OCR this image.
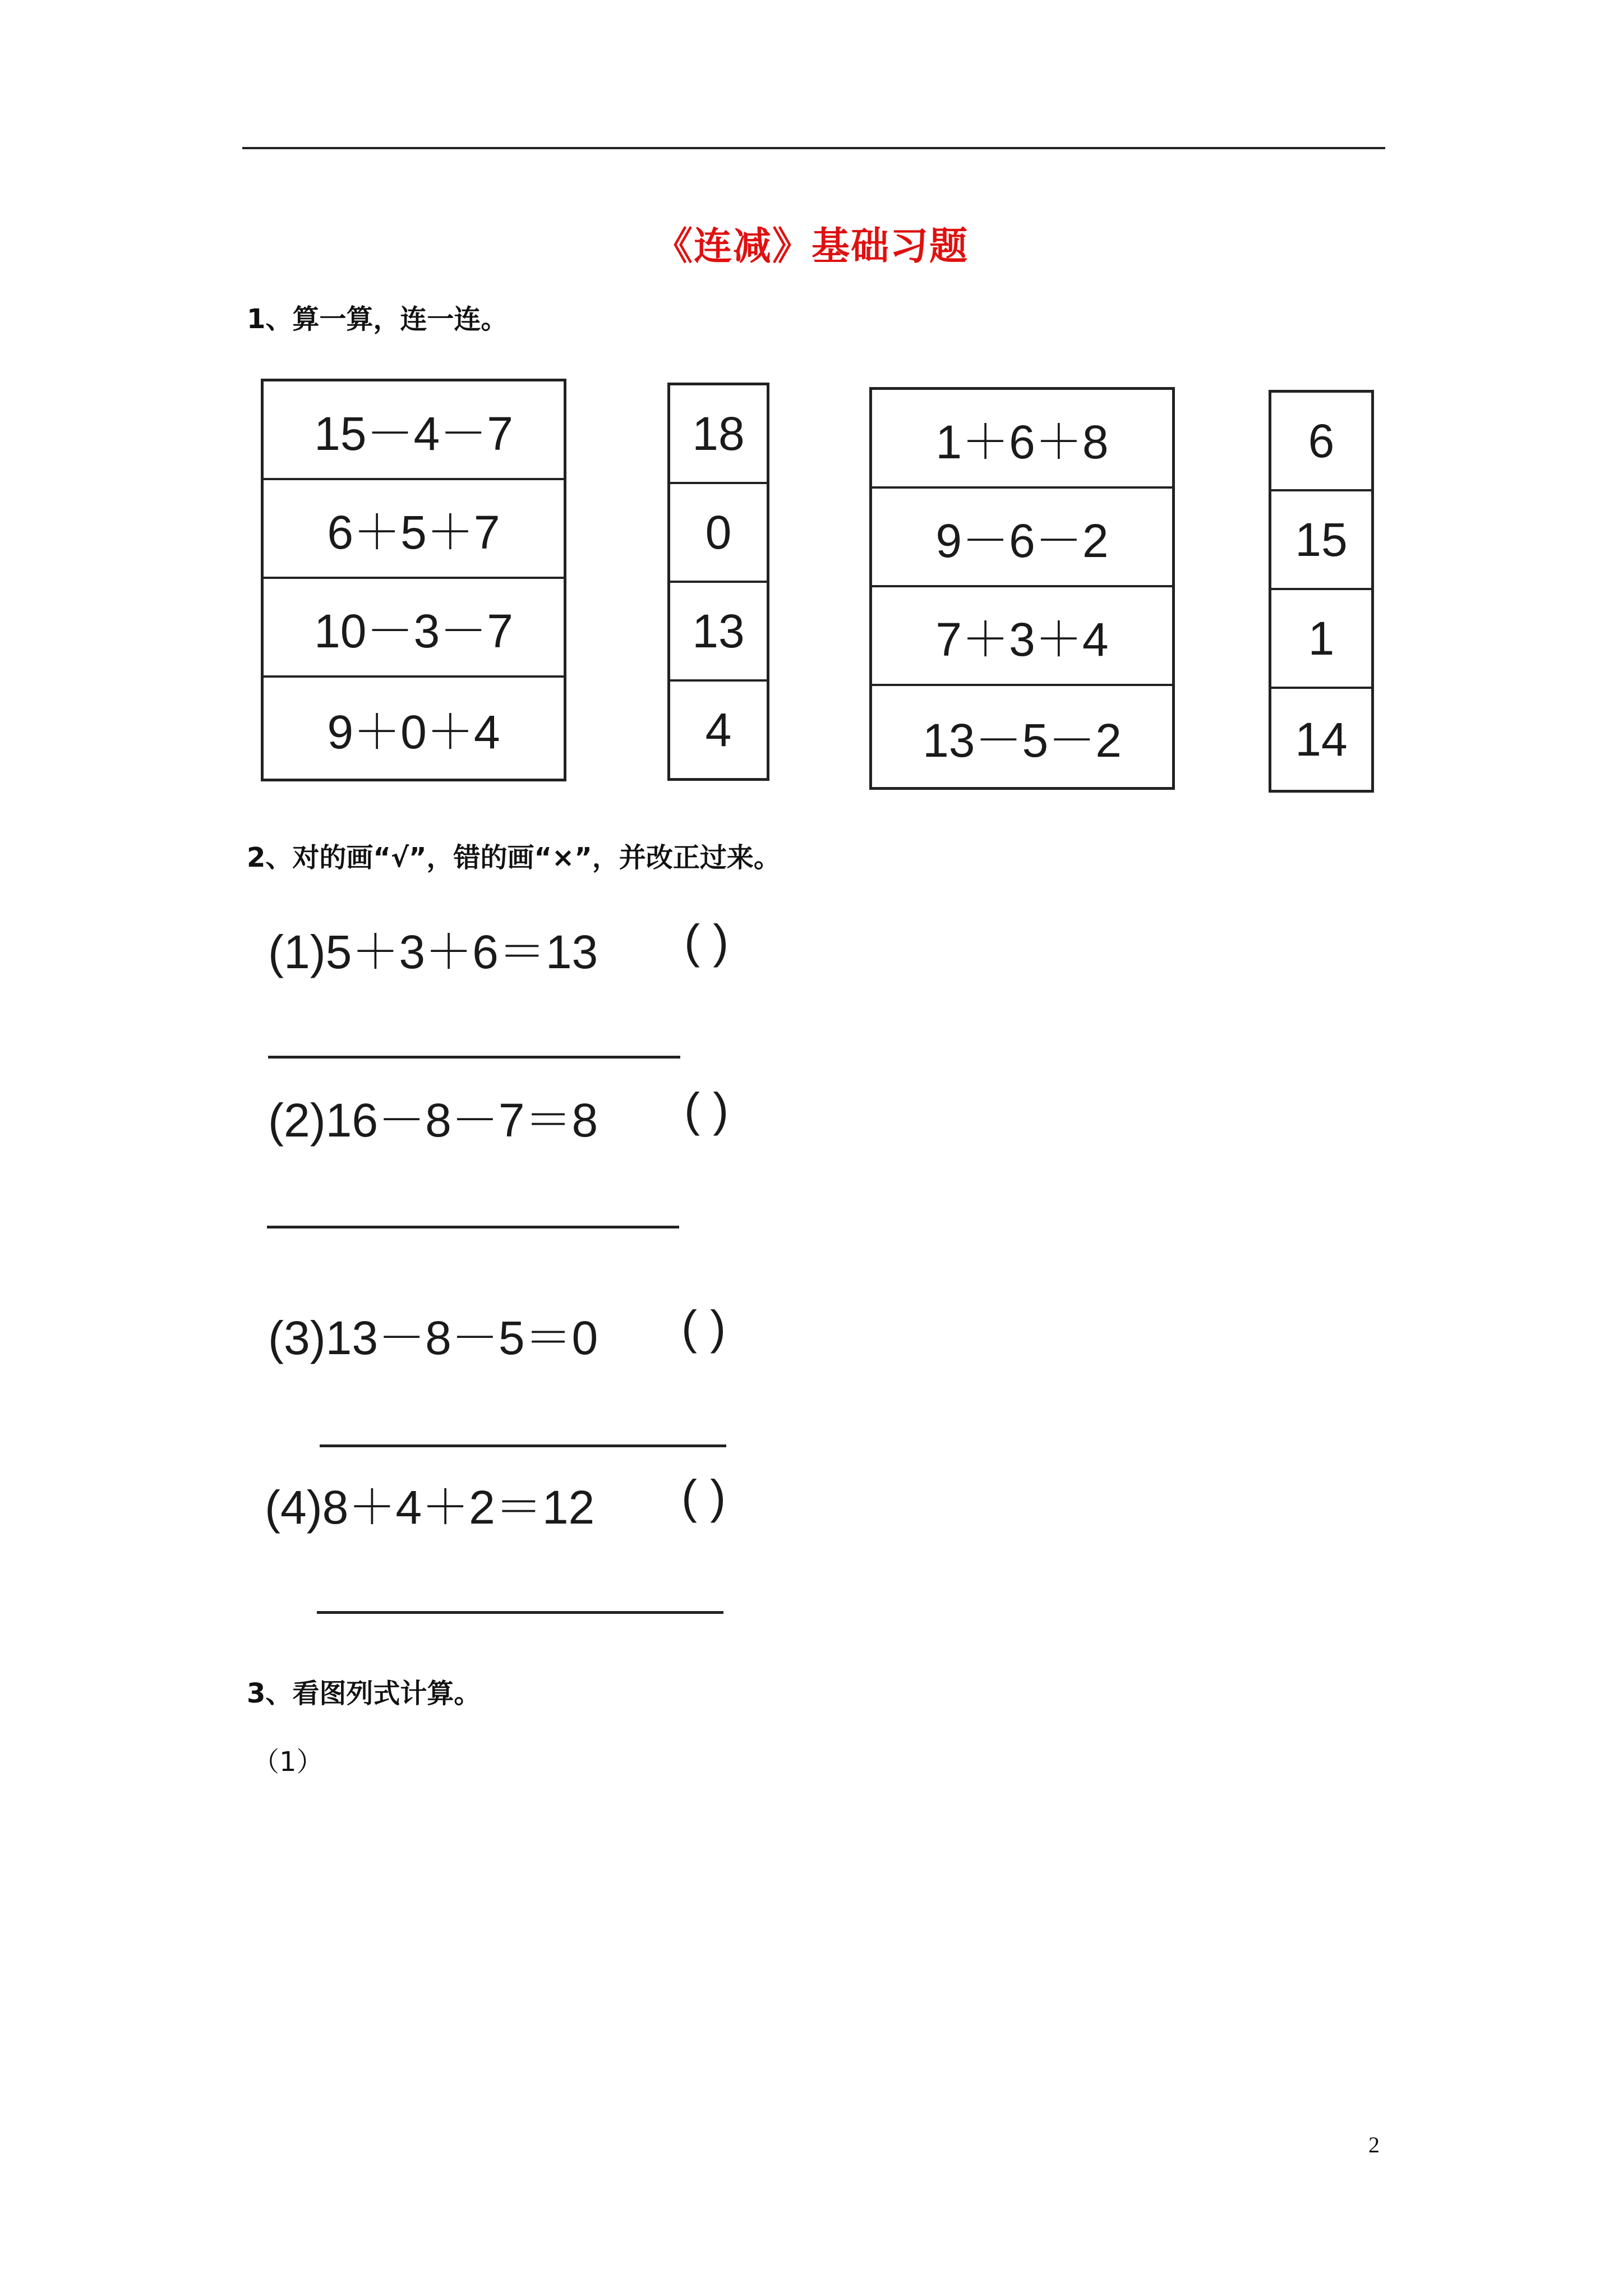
《连减》基础习题
1、算一算，连一连。
15－4－7
6＋5＋7
10－3－7
9＋0＋4
18
0
13
4
1＋6＋8
9－6－2
7＋3＋4
13－5－2
6
15
1
14
2、对的画“√”，错的画“×”，并改正过来。
(1)5＋3＋6＝13 ( )
(2)16－8－7＝8 ( )
(3)13－8－5＝0 ( )
(4)8＋4＋2＝12 ( )
3、看图列式计算。
（1）
2
